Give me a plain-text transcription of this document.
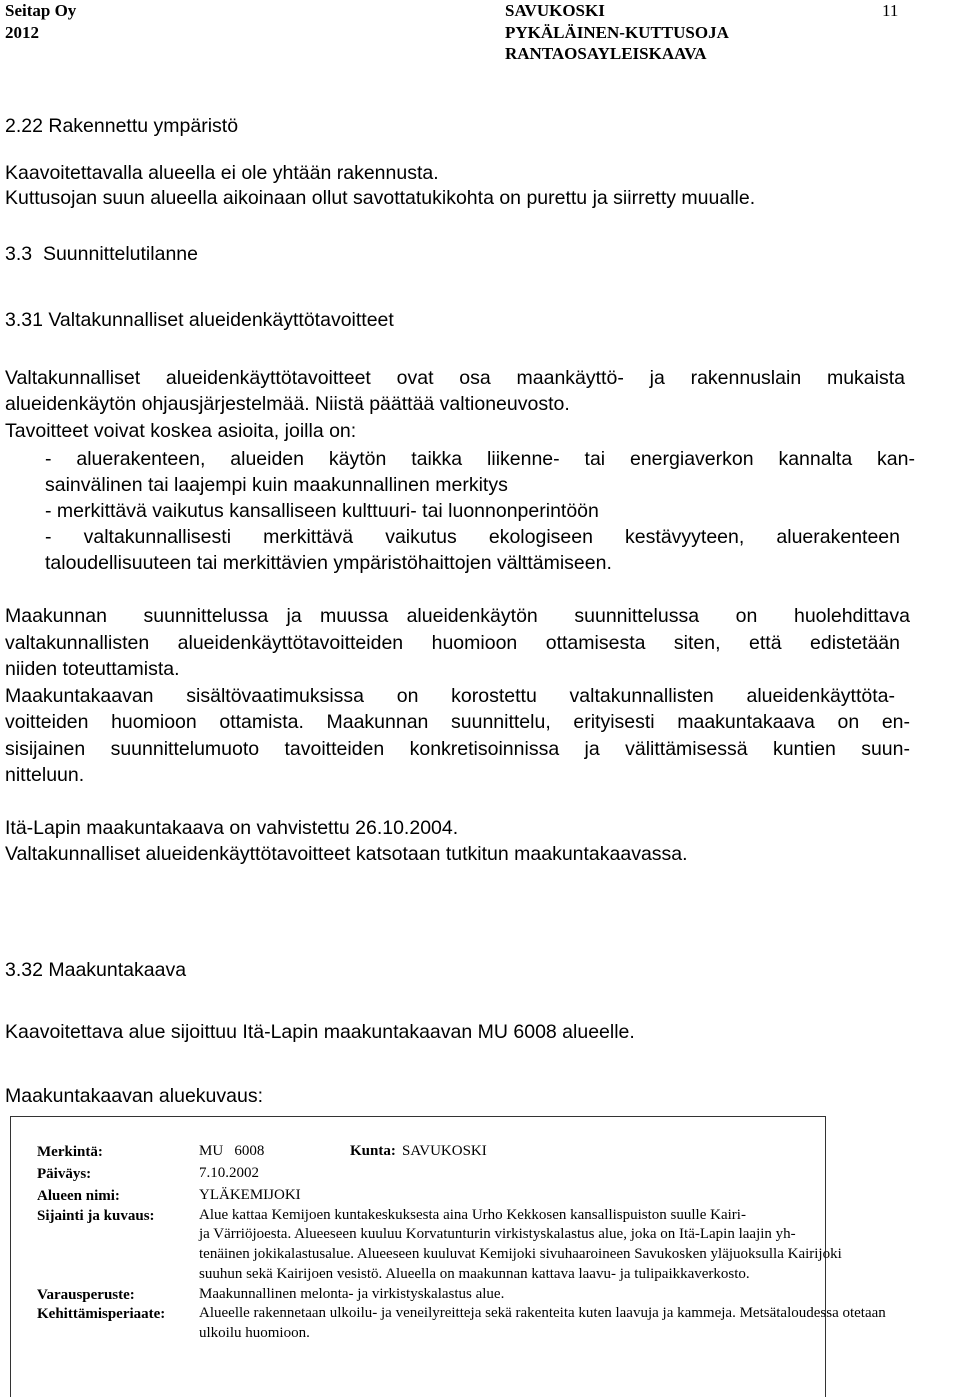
Seitap Oy
2012
SAVUKOSKI
PYKÄLÄINEN-KUTTUSOJA
RANTAOSAYLEISKAAVA
11
2.22 Rakennettu ympäristö
Kaavoitettavalla alueella ei ole yhtään rakennusta.
Kuttusojan suun alueella aikoinaan ollut savottatukikohta on purettu ja siirretty muualle.
3.3  Suunnittelutilanne
3.31 Valtakunnalliset alueidenkäyttötavoitteet
Valtakunnalliset alueidenkäyttötavoitteet ovat osa maankäyttö- ja rakennuslain mukaista
alueidenkäytön ohjausjärjestelmää. Niistä päättää valtioneuvosto.
Tavoitteet voivat koskea asioita, joilla on:
- aluerakenteen, alueiden käytön taikka liikenne- tai energiaverkon kannalta kan-
sainvälinen tai laajempi kuin maakunnallinen merkitys
- merkittävä vaikutus kansalliseen kulttuuri- tai luonnonperintöön
- valtakunnallisesti merkittävä vaikutus ekologiseen kestävyyteen, aluerakenteen
taloudellisuuteen tai merkittävien ympäristöhaittojen välttämiseen.
Maakunnan  suunnittelussa ja muussa alueidenkäytön  suunnittelussa  on  huolehdittava
valtakunnallisten alueidenkäyttötavoitteiden huomioon ottamisesta siten, että edistetään
niiden toteuttamista.
Maakuntakaavan sisältövaatimuksissa on korostettu valtakunnallisten alueidenkäyttöta-
voitteiden huomioon ottamista. Maakunnan suunnittelu, erityisesti maakuntakaava on en-
sisijainen suunnittelumuoto tavoitteiden konkretisoinnissa ja välittämisessä kuntien suun-
nitteluun.
Itä-Lapin maakuntakaava on vahvistettu 26.10.2004.
Valtakunnalliset alueidenkäyttötavoitteet katsotaan tutkitun maakuntakaavassa.
3.32 Maakuntakaava
Kaavoitettava alue sijoittuu Itä-Lapin maakuntakaavan MU 6008 alueelle.
Maakuntakaavan aluekuvaus:
Merkintä:	MU   6008	Kunta: SAVUKOSKI
Päiväys:	7.10.2002
Alueen nimi:	YLÄKEMIJOKI
Sijainti ja kuvaus:	Alue kattaa Kemijoen kuntakeskuksesta aina Urho Kekkosen kansallispuiston suulle Kairi-
ja Värriöjoesta. Alueeseen kuuluu Korvatunturin virkistyskalastus alue, joka on Itä-Lapin laajin yh-
tenäinen jokikalastusalue. Alueeseen kuuluvat Kemijoki sivuhaaroineen Savukosken yläjuoksulla Kairijoki
suuhun sekä Kairijoen vesistö. Alueella on maakunnan kattava laavu- ja tulipaikkaverkosto.
Varausperuste:	Maakunnallinen melonta- ja virkistyskalastus alue.
Kehittämisperiaate: Alueelle rakennetaan ulkoilu- ja veneilyreitteja sekä rakenteita kuten laavuja ja kammeja. Metsätaloudessa otetaan
ulkoilu huomioon.
